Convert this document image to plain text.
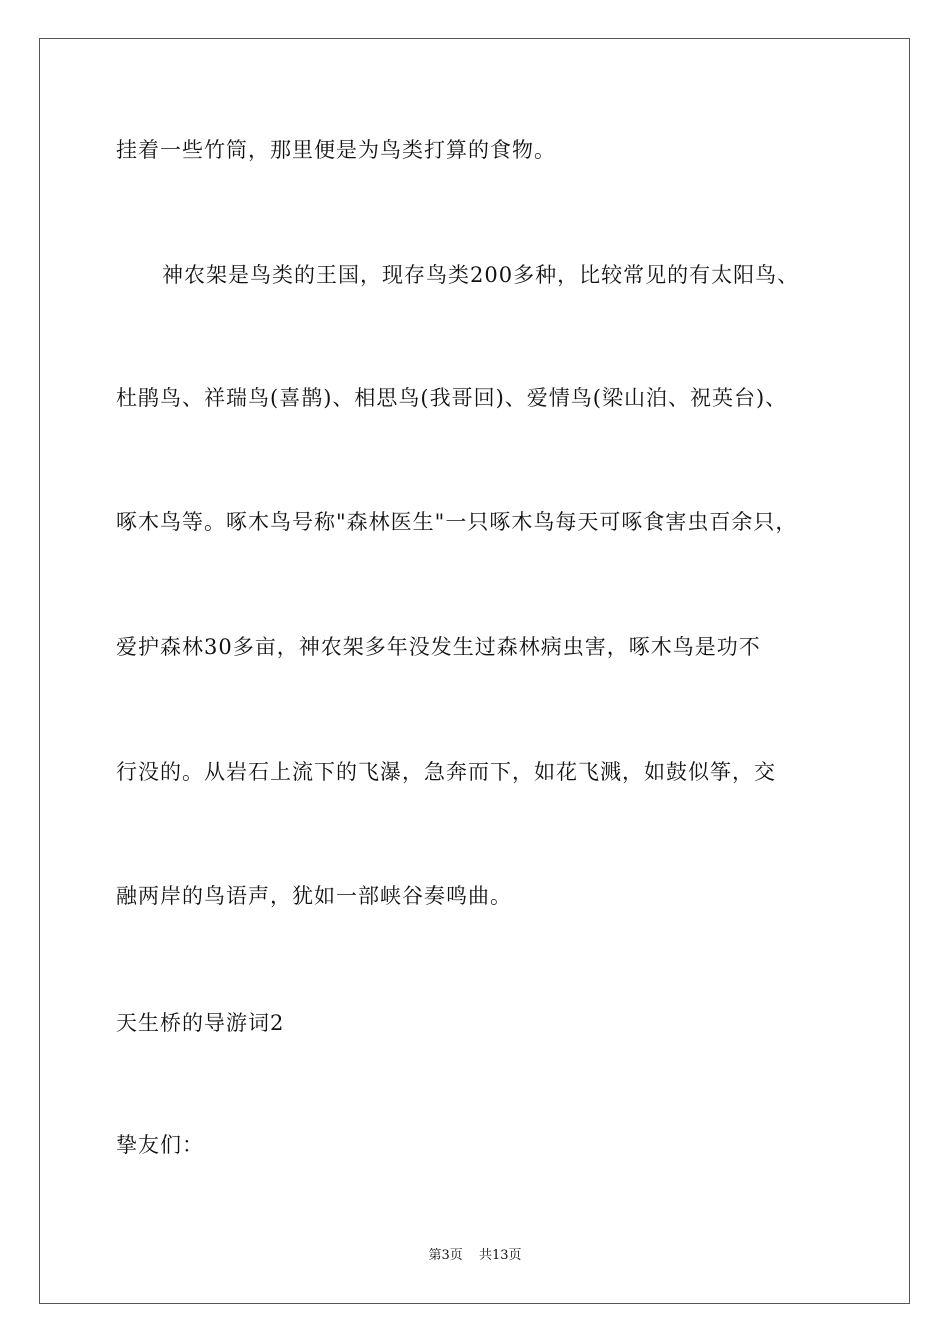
挂着一些竹筒，那里便是为鸟类打算的食物。
神农架是鸟类的王国，现存鸟类200多种，比较常见的有太阳鸟、
杜鹃鸟、祥瑞鸟(喜鹊)、相思鸟(我哥回)、爱情鸟(梁山泊、祝英台)、
啄木鸟等。啄木鸟号称"森林医生"一只啄木鸟每天可啄食害虫百余只，
爱护森林30多亩，神农架多年没发生过森林病虫害，啄木鸟是功不
行没的。从岩石上流下的飞瀑，急奔而下，如花飞溅，如鼓似筝，交
融两岸的鸟语声，犹如一部峡谷奏鸣曲。
天生桥的导游词2
挚友们：
第3页 共13页
